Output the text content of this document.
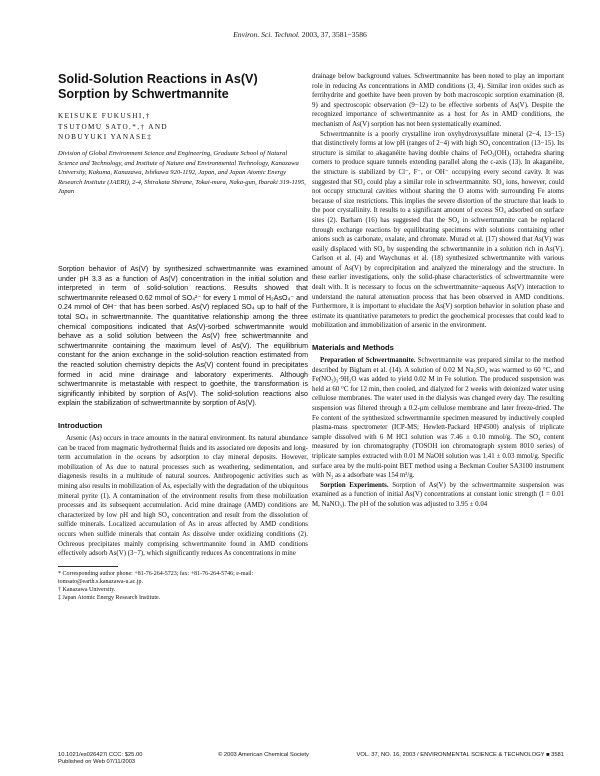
Environ. Sci. Technol. 2003, 37, 3581−3586
Solid-Solution Reactions in As(V) Sorption by Schwertmannite
KEISUKE FUKUSHI,†
TSUTOMU SATO,*,† AND
NOBUYUKI YANASE‡

Division of Global Environment Science and Engineering, Graduate School of Natural Science and Technology, and Institute of Nature and Environmental Technology, Kanazawa University, Kakuma, Kanazawa, Ishikawa 920-1192, Japan, and Japan Atomic Energy Research Institute (JAERI), 2-4, Shirakata Shirane, Tokai-mura, Naka-gun, Ibaraki 319-1195, Japan

Sorption behavior of As(V) by synthesized schwertmannite was examined under pH 3.3 as a function of As(V) concentration in the initial solution and interpreted in term of solid-solution reactions. Results showed that schwertmannite released 0.62 mmol of SO₄²⁻ for every 1 mmol of H₂AsO₄⁻ and 0.24 mmol of OH⁻ that has been sorbed. As(V) replaced SO₄ up to half of the total SO₄ in schwertmannite. The quantitative relationship among the three chemical compositions indicated that As(V)-sorbed schwertmannite would behave as a solid solution between the As(V) free schwertmannite and schwertmannite containing the maximum level of As(V). The equilibrium constant for the anion exchange in the solid-solution reaction estimated from the reacted solution chemistry depicts the As(V) content found in precipitates formed in acid mine drainage and laboratory experiments. Although schwertmannite is metastable with respect to goethite, the transformation is significantly inhibited by sorption of As(V). The solid-solution reactions also explain the stabilization of schwertmannite by sorption of As(V).

Introduction

Arsenic (As) occurs in trace amounts in the natural environment. Its natural abundance can be traced from magmatic hydrothermal fluids and its associated ore deposits and long-term accumulation in the oceans by adsorption to clay mineral deposits. However, mobilization of As due to natural processes such as weathering, sedimentation, and diagenesis results in a multitude of natural sources. Anthropogenic activities such as mining also results in mobilization of As, especially with the degradation of the ubiquitous mineral pyrite (1). A contamination of the environment results from these mobilization processes and its subsequent accumulation. Acid mine drainage (AMD) conditions are characterized by low pH and high SO₄ concentration and result from the dissolution of sulfide minerals. Localized accumulation of As in areas affected by AMD conditions occurs when sulfide minerals that contain As dissolve under oxidizing conditions (2). Ochreous precipitates mainly comprising schwertmannite found in AMD conditions effectively adsorb As(V) (3−7), which significantly reduces As concentrations in mine

* Corresponding author phone: +81-76-264-5723; fax: +81-76-264-5746; e-mail: tomsato@earth.s.kanazawa-u.ac.jp.

† Kanazawa University.

‡ Japan Atomic Energy Research Institute.

drainage below background values. Schwertmannite has been noted to play an important role in reducing As concentrations in AMD conditions (3, 4). Similar iron oxides such as ferrihydrite and goethite have been proven by both macroscopic sorption examination (8, 9) and spectroscopic observation (9−12) to be effective sorbents of As(V). Despite the recognized importance of schwertmannite as a host for As in AMD conditions, the mechanism of As(V) sorption has not been systematically examined.

Schwertmannite is a poorly crystalline iron oxyhydroxysulfate mineral (2−4, 13−15) that distinctively forms at low pH (ranges of 2−4) with high SO₄ concentration (13−15). Its structure is similar to akaganéite having double chains of FeO₃(OH)₃ octahedra sharing corners to produce square tunnels extending parallel along the c-axis (13). In akaganéite, the structure is stabilized by Cl⁻, F⁻, or OH⁻ occupying every second cavity. It was suggested that SO₄ could play a similar role in schwertmannite. SO₄ ions, however, could not occupy structural cavities without sharing the O atoms with surrounding Fe atoms because of size restrictions. This implies the severe distortion of the structure that leads to the poor crystallinity. It results to a significant amount of excess SO₄ adsorbed on surface sites (2). Barham (16) has suggested that the SO₄ in schwertmannite can be replaced through exchange reactions by equilibrating specimens with solutions containing other anions such as carbonate, oxalate, and chromate. Murad et al. (17) showed that As(V) was easily displaced with SO₄ by suspending the schwertmannite in a solution rich in As(V). Carlson et al. (4) and Waychunas et al. (18) synthesized schwertmannite with various amount of As(V) by coprecipitation and analyzed the mineralogy and the structure. In these earlier investigations, only the solid-phase characteristics of schwertmannite were dealt with. It is necessary to focus on the schwertmannite−aqueous As(V) interaction to understand the natural attenuation process that has been observed in AMD conditions. Furthermore, it is important to elucidate the As(V) sorption behavior in solution phase and estimate its quantitative parameters to predict the geochemical processes that could lead to mobilization and immobilization of arsenic in the environment.

Materials and Methods

Preparation of Schwertmannite. Schwertmannite was prepared similar to the method described by Bigham et al. (14). A solution of 0.02 M Na₂SO₄ was warmed to 60 °C, and Fe(NO₃)₃·9H₂O was added to yield 0.02 M in Fe solution. The produced suspension was held at 60 °C for 12 min, then cooled, and dialyzed for 2 weeks with deionized water using cellulose membranes. The water used in the dialysis was changed every day. The resulting suspension was filtered through a 0.2-μm cellulose membrane and later freeze-dried. The Fe content of the synthesized schwertmannite specimen measured by inductively coupled plasma-mass spectrometer (ICP-MS; Hewlett-Packard HP4500) analysis of triplicate sample dissolved with 6 M HCl solution was 7.46 ± 0.10 mmol/g. The SO₄ content measured by ion chromatography (TOSOH ion chromatograph system 8010 series) of triplicate samples extracted with 0.01 M NaOH solution was 1.41 ± 0.03 mmol/g. Specific surface area by the multi-point BET method using a Beckman Coulter SA3100 instrument with N₂ as a adsorbate was 154 m²/g.

Sorption Experiments. Sorption of As(V) by the schwertmannite suspension was examined as a function of initial As(V) concentrations at constant ionic strength (I = 0.01 M, NaNO₃). The pH of the solution was adjusted to 3.95 ± 0.04

10.1021/es026427i CCC: $25.00
Published on Web 07/11/2003
© 2003 American Chemical Society	VOL. 37, NO. 16, 2003 / ENVIRONMENTAL SCIENCE & TECHNOLOGY ■ 3581
